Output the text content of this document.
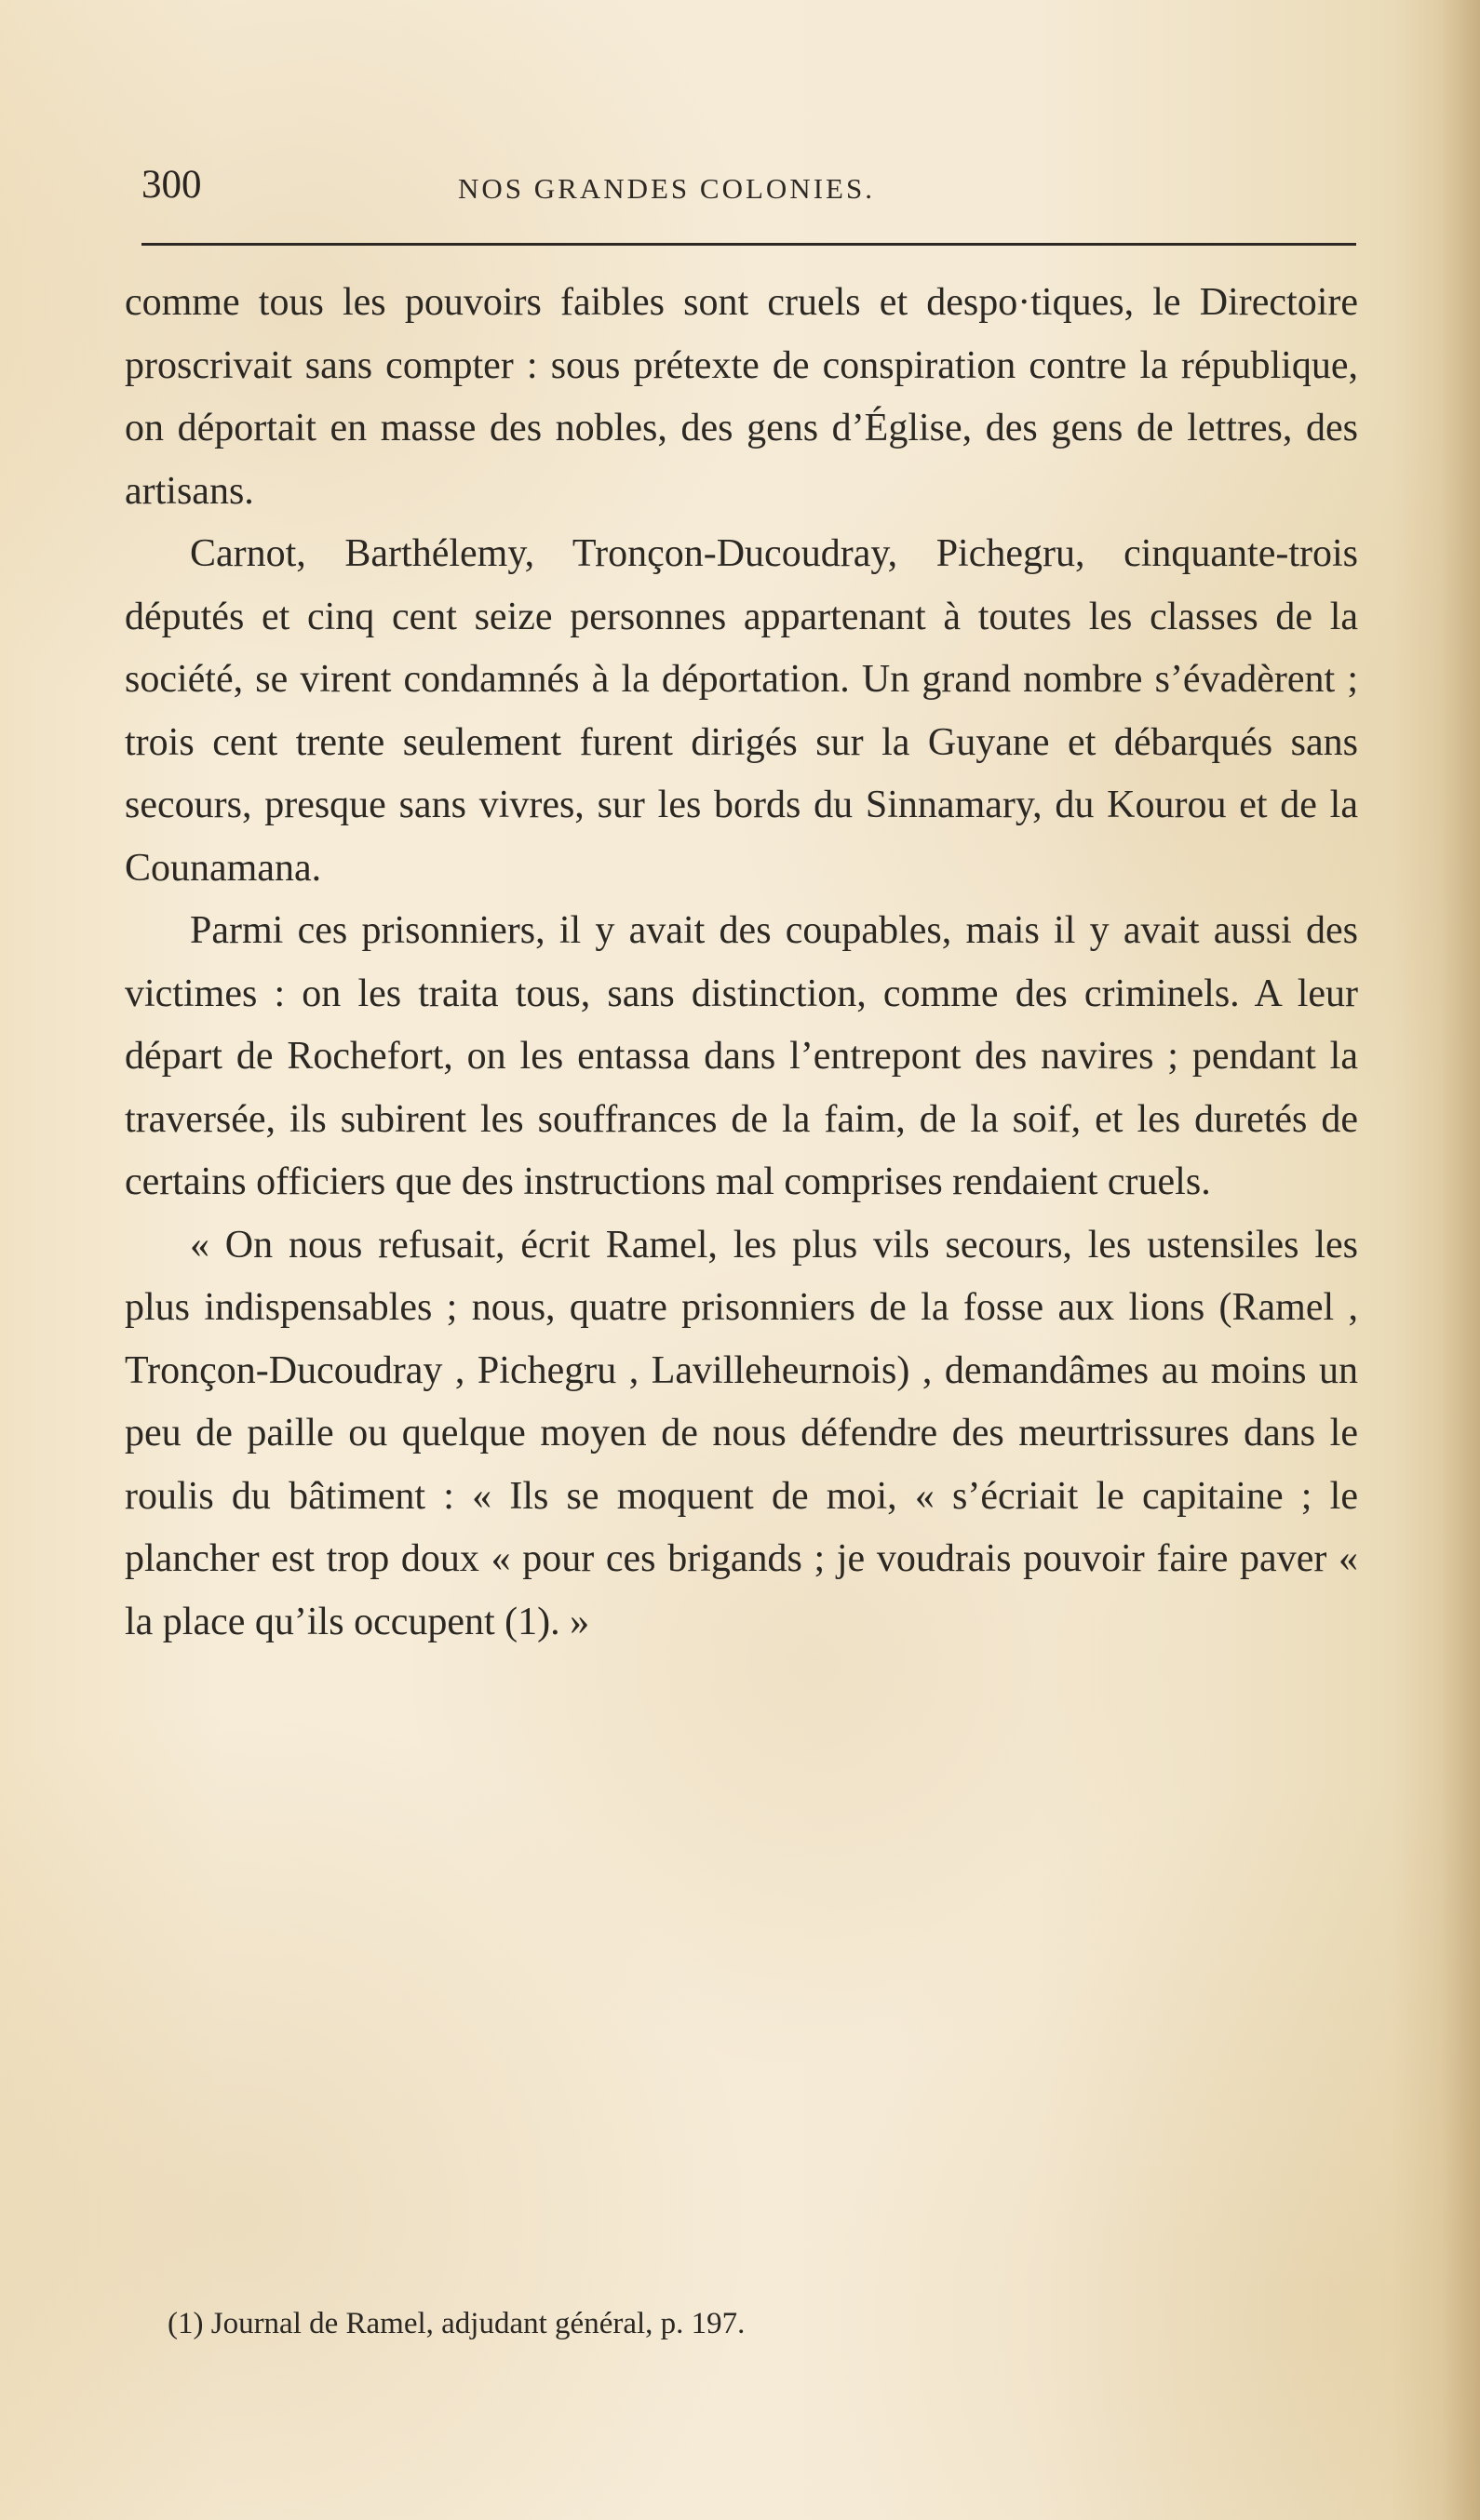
300	NOS GRANDES COLONIES.

comme tous les pouvoirs faibles sont cruels et despo·tiques, le Directoire proscrivait sans compter : sous prétexte de conspiration contre la république, on déportait en masse des nobles, des gens d’Église, des gens de lettres, des artisans.

Carnot, Barthélemy, Tronçon-Ducoudray, Pichegru, cinquante-trois députés et cinq cent seize personnes appartenant à toutes les classes de la société, se virent condamnés à la déportation. Un grand nombre s’évadèrent ; trois cent trente seulement furent dirigés sur la Guyane et débarqués sans secours, presque sans vivres, sur les bords du Sinnamary, du Kourou et de la Counamana.

Parmi ces prisonniers, il y avait des coupables, mais il y avait aussi des victimes : on les traita tous, sans distinction, comme des criminels. A leur départ de Rochefort, on les entassa dans l’entrepont des navires ; pendant la traversée, ils subirent les souffrances de la faim, de la soif, et les duretés de certains officiers que des instructions mal comprises rendaient cruels.

« On nous refusait, écrit Ramel, les plus vils secours, les ustensiles les plus indispensables ; nous, quatre prisonniers de la fosse aux lions (Ramel , Tronçon-Ducoudray , Pichegru , Lavilleheurnois) , demandâmes au moins un peu de paille ou quelque moyen de nous défendre des meurtrissures dans le roulis du bâtiment : « Ils se moquent de moi, « s’écriait le capitaine ; le plancher est trop doux « pour ces brigands ; je voudrais pouvoir faire paver « la place qu’ils occupent (1). »

(1) Journal de Ramel, adjudant général, p. 197.
